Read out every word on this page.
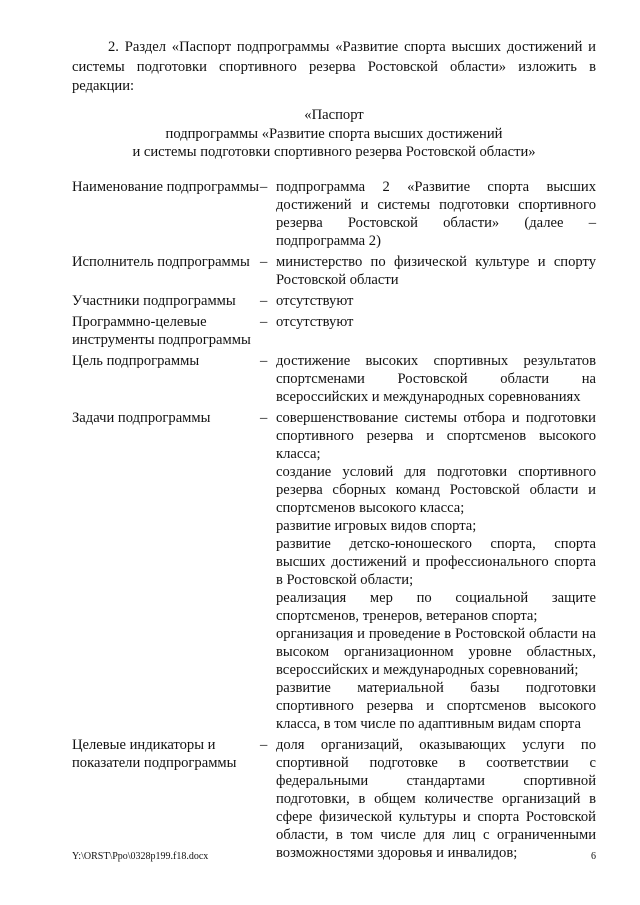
2. Раздел «Паспорт подпрограммы «Развитие спорта высших достижений и системы подготовки спортивного резерва Ростовской области» изложить в редакции:
«Паспорт
подпрограммы «Развитие спорта высших достижений
и системы подготовки спортивного резерва Ростовской области»
Наименование подпрограммы – подпрограмма 2 «Развитие спорта высших достижений и системы подготовки спортивного резерва Ростовской области» (далее – подпрограмма 2)
Исполнитель подпрограммы – министерство по физической культуре и спорту Ростовской области
Участники подпрограммы	– отсутствуют
Программно-целевые инструменты подпрограммы
– отсутствуют
Цель подпрограммы	– достижение высоких спортивных результатов спортсменами Ростовской области на всероссийских и международных соревнованиях
Задачи подпрограммы	– совершенствование системы отбора и подготовки спортивного резерва и спортсменов высокого класса;

создание условий для подготовки спортивного резерва сборных команд Ростовской области и спортсменов высокого класса;

развитие игровых видов спорта;

развитие детско-юношеского спорта, спорта высших достижений и профессионального спорта в Ростовской области;

реализация мер по социальной защите спортсменов, тренеров, ветеранов спорта;

организация и проведение в Ростовской области на высоком организационном уровне областных, всероссийских и международных соревнований;

развитие материальной базы подготовки спортивного резерва и спортсменов высокого класса, в том числе по адаптивным видам спорта

Целевые индикаторы и показатели подпрограммы
– доля организаций, оказывающих услуги по спортивной подготовке в соответствии с федеральными стандартами спортивной подготовки, в общем количестве организаций в сфере физической культуры и спорта Ростовской области, в том числе для лиц с ограниченными возможностями здоровья и инвалидов;
Y:\ORST\Ppo\0328p199.f18.docx	6
